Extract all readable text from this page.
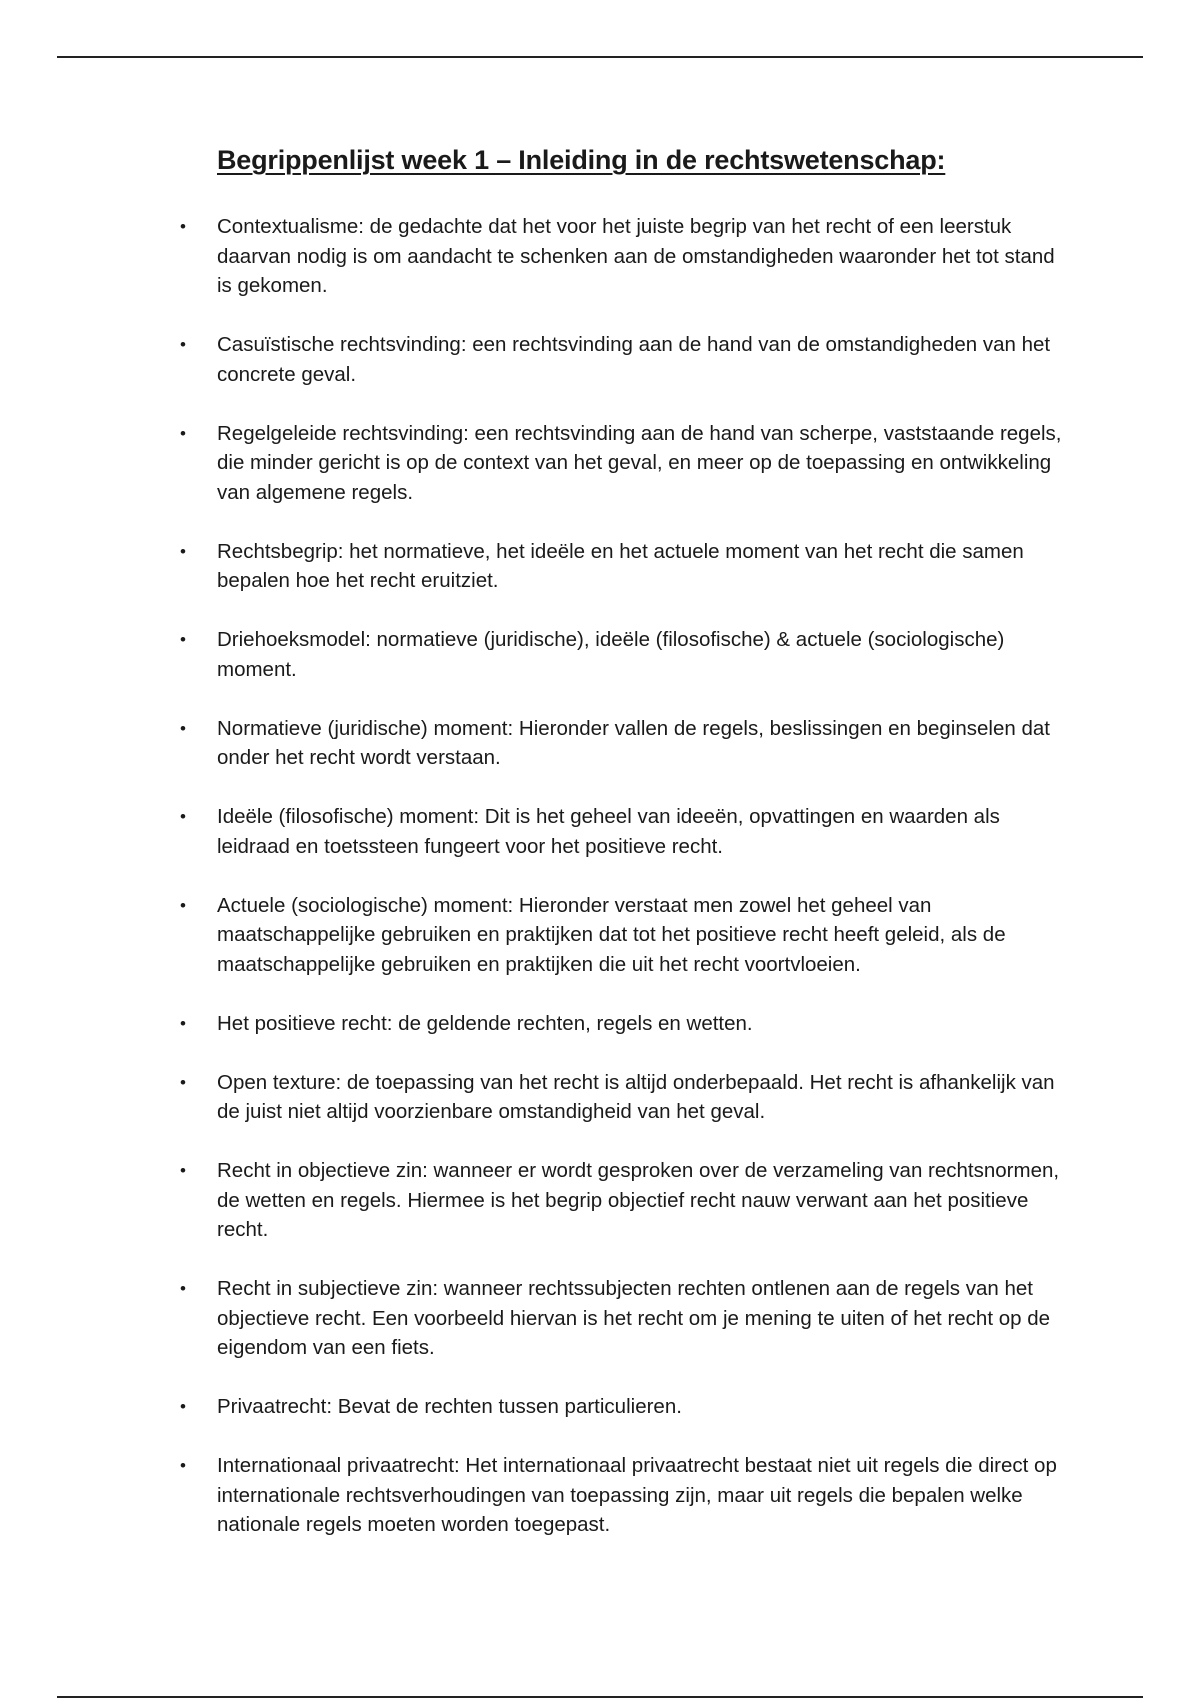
Begrippenlijst week 1 – Inleiding in de rechtswetenschap:
• Contextualisme: de gedachte dat het voor het juiste begrip van het recht of een leerstuk daarvan nodig is om aandacht te schenken aan de omstandigheden waaronder het tot stand is gekomen.
• Casuïstische rechtsvinding: een rechtsvinding aan de hand van de omstandigheden van het concrete geval.
• Regelgeleide rechtsvinding: een rechtsvinding aan de hand van scherpe, vaststaande regels, die minder gericht is op de context van het geval, en meer op de toepassing en ontwikkeling van algemene regels.
• Rechtsbegrip: het normatieve, het ideële en het actuele moment van het recht die samen bepalen hoe het recht eruitziet.
• Driehoeksmodel: normatieve (juridische), ideële (filosofische) & actuele (sociologische) moment.
• Normatieve (juridische) moment: Hieronder vallen de regels, beslissingen en beginselen dat onder het recht wordt verstaan.
• Ideële (filosofische) moment: Dit is het geheel van ideeën, opvattingen en waarden als leidraad en toetssteen fungeert voor het positieve recht.
• Actuele (sociologische) moment: Hieronder verstaat men zowel het geheel van maatschappelijke gebruiken en praktijken dat tot het positieve recht heeft geleid, als de maatschappelijke gebruiken en praktijken die uit het recht voortvloeien.
• Het positieve recht: de geldende rechten, regels en wetten.
• Open texture: de toepassing van het recht is altijd onderbepaald. Het recht is afhankelijk van de juist niet altijd voorzienbare omstandigheid van het geval.
• Recht in objectieve zin: wanneer er wordt gesproken over de verzameling van rechtsnormen, de wetten en regels. Hiermee is het begrip objectief recht nauw verwant aan het positieve recht.
• Recht in subjectieve zin: wanneer rechtssubjecten rechten ontlenen aan de regels van het objectieve recht. Een voorbeeld hiervan is het recht om je mening te uiten of het recht op de eigendom van een fiets.
• Privaatrecht: Bevat de rechten tussen particulieren.
• Internationaal privaatrecht: Het internationaal privaatrecht bestaat niet uit regels die direct op internationale rechtsverhoudingen van toepassing zijn, maar uit regels die bepalen welke nationale regels moeten worden toegepast.
